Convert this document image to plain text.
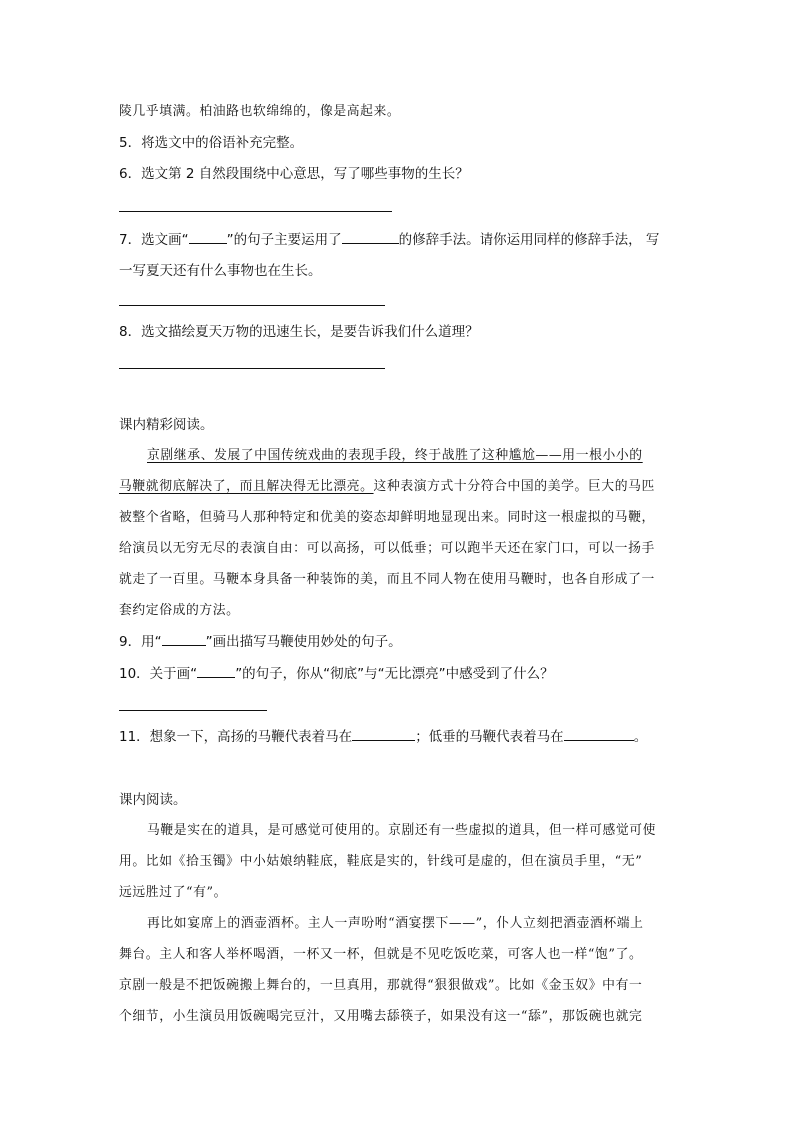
陵几乎填满。柏油路也软绵绵的，像是高起来。
5．将选文中的俗语补充完整。
6．选文第 2 自然段围绕中心意思，写了哪些事物的生长？
7．选文画“	”的句子主要运用了	的修辞手法。请你运用同样的修辞手法， 写
一写夏天还有什么事物也在生长。
8．选文描绘夏天万物的迅速生长，是要告诉我们什么道理？
课内精彩阅读。
京剧继承、发展了中国传统戏曲的表现手段，终于战胜了这种尴尬——用一根小小的
马鞭就彻底解决了，而且解决得无比漂亮。这种表演方式十分符合中国的美学。巨大的马匹
被整个省略，但骑马人那种特定和优美的姿态却鲜明地显现出来。同时这一根虚拟的马鞭，
给演员以无穷无尽的表演自由：可以高扬，可以低垂；可以跑半天还在家门口，可以一扬手
就走了一百里。马鞭本身具备一种装饰的美，而且不同人物在使用马鞭时，也各自形成了一
套约定俗成的方法。
9．用“	”画出描写马鞭使用妙处的句子。
10．关于画“	”的句子，你从“彻底”与“无比漂亮”中感受到了什么？
11．想象一下，高扬的马鞭代表着马在	；低垂的马鞭代表着马在	。
课内阅读。
马鞭是实在的道具，是可感觉可使用的。京剧还有一些虚拟的道具，但一样可感觉可使
用。比如《拾玉镯》中小姑娘纳鞋底，鞋底是实的，针线可是虚的，但在演员手里，“无”
远远胜过了“有”。
再比如宴席上的酒壶酒杯。主人一声吩咐“酒宴摆下——”，仆人立刻把酒壶酒杯端上
舞台。主人和客人举杯喝酒，一杯又一杯，但就是不见吃饭吃菜，可客人也一样“饱”了。
京剧一般是不把饭碗搬上舞台的，一旦真用，那就得“狠狠做戏”。比如《金玉奴》中有一
个细节，小生演员用饭碗喝完豆汁，又用嘴去舔筷子，如果没有这一“舔”，那饭碗也就完
